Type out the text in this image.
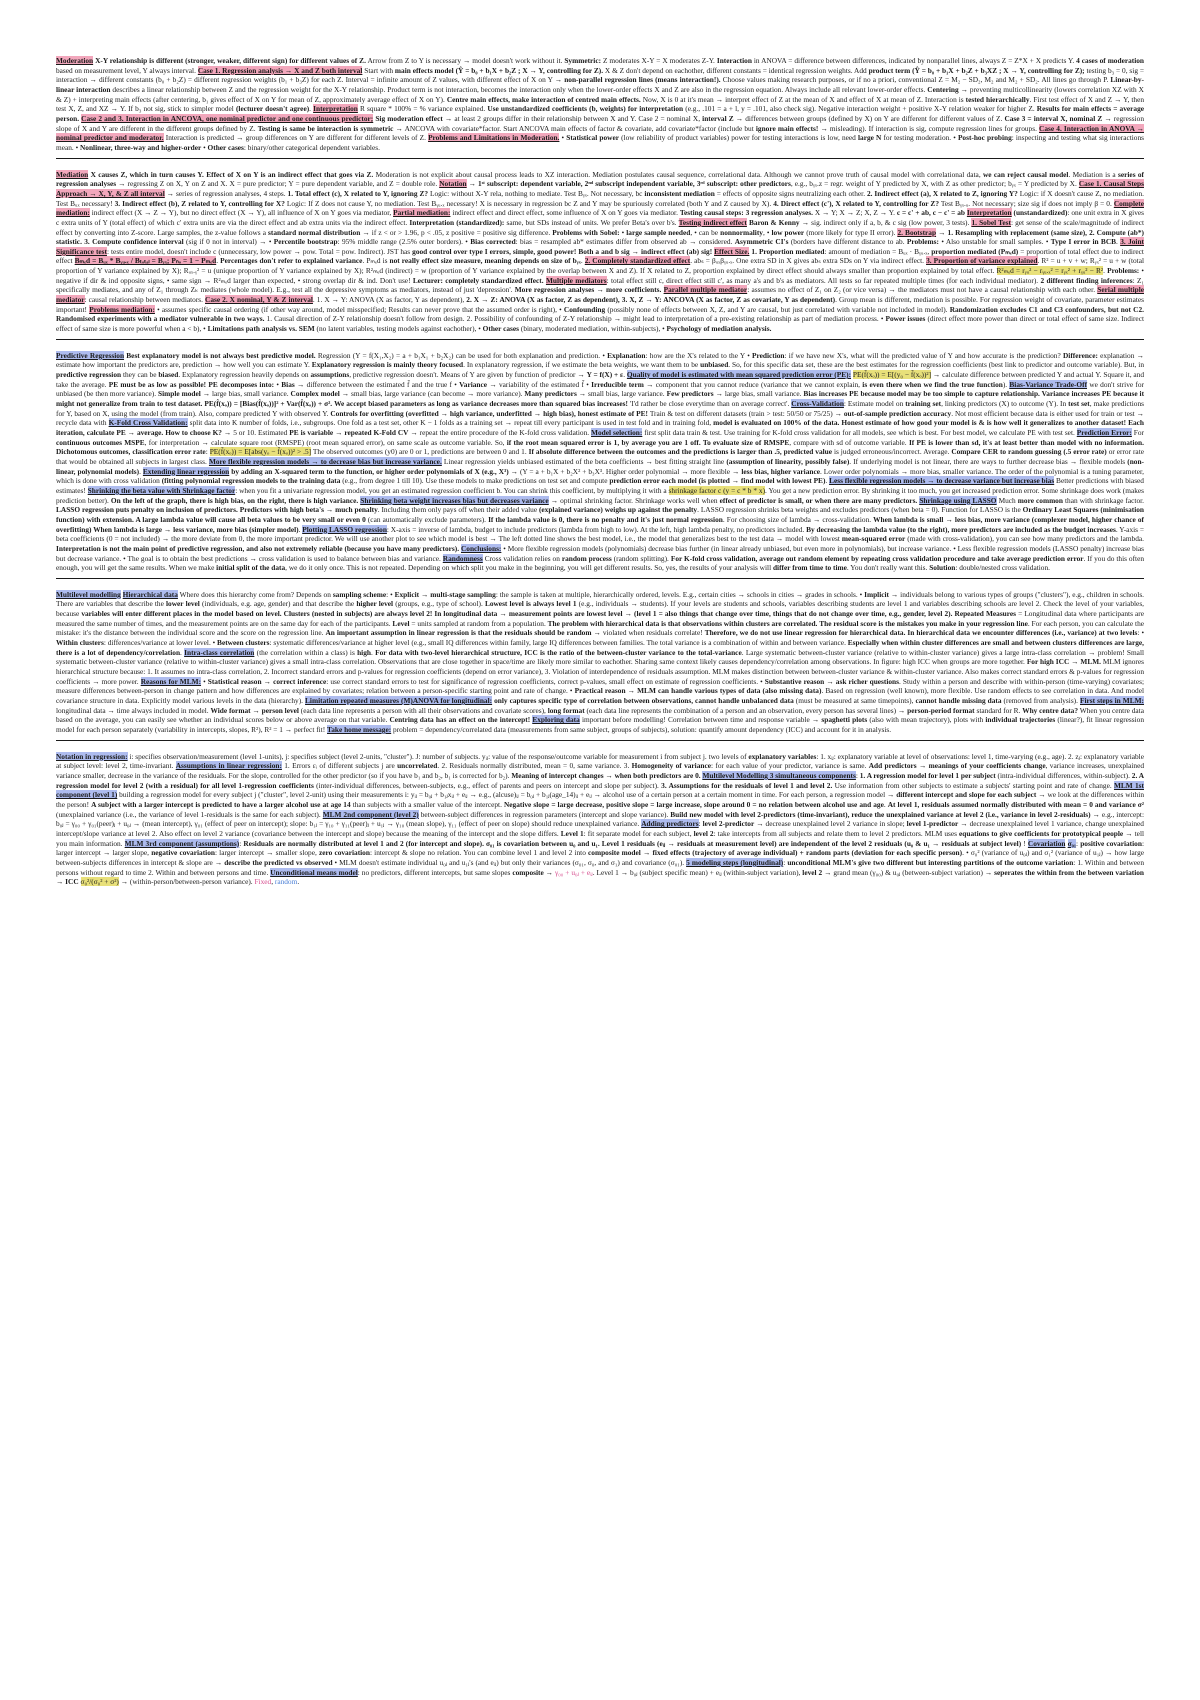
Moderation X-Y relationship is different (stronger, weaker, different sign) for different values of Z. Arrow from Z to Y is necessary → model doesn't work without it. Symmetric: Z moderates X-Y = X moderates Z-Y. Interaction in ANOVA = difference between differences, indicated by nonparallel lines, always Z = Z*X + X predicts Y. 4 cases of moderation based on measurement level, Y always interval. Case 1. Regression analysis → X and Z both interval Start with main effects model (Ŷ = b₀ + b₁X + b₂Z ; X → Y, controlling for Z). X & Z don't depend on eachother, different constants = identical regression weights. Add product term (Ŷ = b₀ + b₁X + b₂Z + b₃XZ ; X → Y, controlling for Z); testing b₃ = 0, sig = interaction → different constants (b₀ + b₂Z) = different regression weights (b₁ + b₃Z) for each Z. Interval = infinite amount of Z values, with different effect of X on Y → non-parallel regression lines (means interaction!). Choose values making research purposes, or if no a priori, conventional Z = M₂ − SD₂, M₂ and M₂ + SD₂. All lines go through P. Linear-by- linear interaction describes a linear relationship between Z and the regression weight for the X-Y relationship. Product term is not interaction, becomes the interaction only when the lower-order effects X and Z are also in the regression equation. Always include all relevant lower-order effects. Centering → preventing multicollinearity (lowers correlation XZ with X & Z) + interpreting main effects (after centering, b₁ gives effect of X on Y for mean of Z, approximately average effect of X on Y). Centre main effects, make interaction of centred main effects. Now, X is 0 at it's mean → interpret effect of Z at the mean of X and effect of X at mean of Z. Interaction is tested hierarchically. First test effect of X and Z → Y, then test X, Z, and XZ → Y. If b₃ not sig, stick to simpler model (lecturer doesn't agree). Interpretation R square * 100% = % variance explained. Use unstandardized coefficients (b, weights) for interpretation (e.g., .101 = a + l, y = .101, also check sig). Negative interaction weight + positive X-Y relation weaker for higher Z. Results for main effects = average person. Case 2 and 3. Interaction in ANCOVA, one nominal predictor and one continuous predictor; Sig moderation effect → at least 2 groups differ in their relationship between X and Y. Case 2 = nominal X, interval Z → differences between groups (defined by X) on Y are different for different values of Z. Case 3 = interval X, nominal Z → regression slope of X and Y are different in the different groups defined by Z. Testing is same be interaction is symmetric → ANCOVA with covariate*factor. Start ANCOVA main effects of factor & covariate, add covariate*factor (include but ignore main effects! → misleading). If interaction is sig, compute regression lines for groups. Case 4. Interaction in ANOVA → nominal predictor and moderator. Interaction is predicted → group differences on Y are different for different levels of Z. Problems and Limitations in Moderation. • Statistical power (low reliability of product variables) power for testing interactions is low, need large N for testing moderation. • Post-hoc probing: inspecting and testing what sig interactions mean. • Nonlinear, three-way and higher-order • Other cases: binary/other categorical dependent variables.
Mediation X causes Z, which in turn causes Y. Effect of X on Y is an indirect effect that goes via Z. Moderation is not explicit about causal process leads to XZ interaction. Mediation postulates causal sequence, correlational data. Although we cannot prove truth of causal model with correlational data, we can reject causal model. Mediation is a series of regression analyses → regressing Z on X, Y on Z and X. X = pure predictor; Y = pure dependent variable, and Z = double role. Notation → 1ˢᵗ subscript: dependent variable, 2ⁿᵈ subscript independent variable, 3ʳᵈ subscript: other predictors, e.g., bᵧₓ.z = regr. weight of Y predicted by X, with Z as other predictor; bᵧₓ = Y predicted by X. Case 1. Causal Steps Approach → X, Y, & Z all interval → series of regression analyses, 4 steps. 1. Total effect (c), X related to Y, ignoring Z? Logic: without X-Y rela, nothing to mediate. Test Bᵧₓ. Not necessary, bc inconsistent mediation = effects of opposite signs neutralizing each other. 2. Indirect effect (a), X related to Z, ignoring Y? Logic: if X doesn't cause Z, no mediation. Test Bᵤₓ necessary! 3. Indirect effect (b), Z related to Y, controlling for X? Logic: If Z does not cause Y, no mediation. Test Bᵧᵤ.ₓ necessary! X is necessary in regression bc Z and Y may be spuriously correlated (both Y and Z caused by X). 4. Direct effect (c'), X related to Y, controlling for Z? Test Bᵧₓ.ᵤ. Not necessary; size sig if does not imply β = 0. Complete mediation: indirect effect (X → Z → Y), but no direct effect (X → Y), all influence of X on Y goes via mediator, Partial mediation: indirect effect and direct effect, some influence of X on Y goes via mediator. Testing causal steps: 3 regression analyses. X → Y; X → Z; X, Z → Y. c = c' + ab, c − c' = ab Interpretation (unstandardized): one unit extra in X gives c extra units of Y (total effect) of which c' extra units are via the direct effect and ab extra units via the indirect effect. Interpretation (standardized): same, but SDs instead of units. We prefer Beta's over b's. Testing indirect effect Baron & Kenny → sig. indirect only if a, b, & c sig (low power, 3 tests). 1. Sobel Test: get sense of the scale/magnitude of indirect effect by converting into Z-score. Large samples, the z-value follows a standard normal distribution → if z < or > 1.96, p < .05, z positive = positive sig difference. Problems with Sobel: • large sample needed, • can be nonnormality, • low power (more likely for type II error). 2. Bootstrap → 1. Resampling with replacement (same size), 2. Compute (ab*) statistic. 3. Compute confidence interval (sig if 0 not in interval) → • Percentile bootstrap: 95% middle range (2.5% outer borders). • Bias corrected: bias = resampled ab* estimates differ from observed ab → considered. Asymmetric CI's (borders have different distance to ab. Problems: • Also unstable for small samples. • Type I error in BCB. 3. Joint Significance test: tests entire model, doesn't include c (unnecessary, low power → pow. Total = pow. Indirect). JST has good control over type I errors, simple, good power! Both a and b sig → indirect effect (ab) sig! Effect Size. 1. Proportion mediated: amount of mediation = Bᵤₓ · Bᵧᵤ.ₓ, proportion mediated (Pₘₑd) = proportion of total effect due to indirect effect Bₘₑd = Bᵤₓ * Bᵧᵤ.ₓ / Bₜₒₜₐₗ = Bᵧₓ; Pₙₒ = 1 − Pₘₑd. Percentages don't refer to explained variance. Pₘₑd is not really effect size measure, meaning depends on size of bᵧₓ. 2. Completely standardized effect. abₛ = βᵤₓβᵧᵤ.ₓ. One extra SD in X gives abₛ extra SDs on Y via indirect effect. 3. Proportion of variance explained. R² = u + v + w; Rᵧₓ² = u + w (total proportion of Y variance explained by X); Rᵤₓ.ᵧ² = u (unique proportion of Y variance explained by X); R²ₘₑd (indirect) = w (proportion of Y variance explained by the overlap between X and Z). If X related to Z, proportion explained by direct effect should always smaller than proportion explained by total effect. R²ₘₑd = rᵧᵤ² − rᵧᵤ.ₓ² = rᵧₓ² + rᵧᵤ² − R². Problems: • negative if dir & ind opposite signs, • same sign → R²ₘₑd larger than expected, • strong overlap dir & ind. Don't use! Lecturer: completely standardized effect. Multiple mediators: total effect still c, direct effect still c', as many a's and b's as mediators. All tests so far repeated multiple times (for each individual mediator). 2 different finding inferences: Z₁ specifically mediates, and any of Z₁ through Zₖ mediates (whole model). E.g., test all the depressive symptoms as mediators, instead of just 'depression'. More regression analyses → more coefficients. Parallel multiple mediator: assumes no effect of Z₁ on Z₂ (or vice versa) → the mediators must not have a causal relationship with each other. Serial multiple mediator: causal relationship between mediators. Case 2. X nominal, Y & Z interval. 1. X → Y: ANOVA (X as factor, Y as dependent), 2. X → Z: ANOVA (X as factor, Z as dependent), 3. X, Z → Y: ANCOVA (X as factor, Z as covariate, Y as dependent). Group mean is different, mediation is possible. For regression weight of covariate, parameter estimates important! Problems mediation: • assumes specific causal ordering (if other way around, model misspecified; Results can never prove that the assumed order is right), • Confounding (possibly none of effects between X, Z, and Y are causal, but just correlated with variable not included in model). Randomization excludes C1 and C3 confounders, but not C2. Randomised experiments with a mediator vulnerable in two ways. 1. Causal direction of Z-Y relationship doesn't follow from design. 2. Possibility of confounding of Z-Y relationship → might lead to interpretation of a pre-existing relationship as part of mediation process. • Power issues (direct effect more power than direct or total effect of same size. Indirect effect of same size is more powerful when a < b), • Limitations path analysis vs. SEM (no latent variables, testing models against eachother), • Other cases (binary, moderated mediation, within-subjects), • Psychology of mediation analysis.
Predictive Regression Best explanatory model is not always best predictive model. Regression (Y = f(X₁,X₂) = a + b₁X₁ + b₂X₂) can be used for both explanation and prediction. • Explanation: how are the X's related to the Y • Prediction: if we have new X's, what will the predicted value of Y and how accurate is the prediction? Difference: explanation → estimate how important the predictors are, prediction → how well you can estimate Y. Explanatory regression is mainly theory focused. In explanatory regression, if we estimate the beta weights, we want them to be unbiased. So, for this specific data set, these are the best estimates for the regression coefficients (best link to predictor and outcome variable). But, in predictive regression they can be biased. Explanatory regression heavily depends on assumptions, predictive regression doesn't. Means of Y are given by function of predictor → Y = f(X) + ε. Quality of model is estimated with mean squared prediction error (PE): PE(f̂(xₒ)) = E[(y₀ − f̂(xₒ))²] → calculate difference between predicted Y and actual Y. Square it, and take the average. PE must be as low as possible! PE decomposes into: • Bias → difference between the estimated f̂ and the true f • Variance → variability of the estimated f̂ • Irreducible term → component that you cannot reduce (variance that we cannot explain, is even there when we find the true function). Bias-Variance Trade-Off we don't strive for unbiased (be then more variance). Simple model → large bias, small variance. Complex model → small bias, large variance (can become → more variance). Many predictors → small bias, large variance. Few predictors → large bias, small variance. Bias increases PE because model may be too simple to capture relationship. Variance increases PE because it might not generalize from train to test dataset. PE(f̂(xₒ)) = [Bias(f̂(xₒ))]² + Var(f̂(xₒ)) + σ². We accept biased parameters as long as variance decreases more than squared bias increases! 'I'd rather be close everytime than on average correct'. Cross-Validation: Estimate model on training set, linking predictors (X) to outcome (Y). In test set, make predictions for Y, based on X, using the model (from train). Also, compare predicted Y with observed Y. Controls for overfitting (overfitted → high variance, underfitted → high bias), honest estimate of PE! Train & test on different datasets (train > test: 50/50 or 75/25) → out-of-sample prediction accuracy. Not most efficient because data is either used for train or test → recycle data with K-Fold Cross Validation: split data into K number of folds, i.e., subgroups. One fold as a test set, other K − 1 folds as a training set → repeat till every participant is used in test fold and in training fold, model is evaluated on 100% of the data. Honest estimate of how good your model is & is how well it generalizes to another dataset! Each iteration, calculate PE → average. How to choose K? → 5 or 10. Estimated PE is variable → repeated K-Fold CV → repeat the entire procedure of the K-fold cross validation. Model selection: first split data train & test. Use training for K-fold cross validation for all models, see which is best. For best model, we calculate PE with test set. Prediction Error: For continuous outcomes MSPE, for interpretation → calculate square root (RMSPE) (root mean squared error), on same scale as outcome variable. So, if the root mean squared error is 1, by average you are 1 off. To evaluate size of RMSPE, compare with sd of outcome variable. If PE is lower than sd, it's at least better than model with no information. Dichotomous outcomes, classification error rate: PE(f̂(xₒ)) = E[abs(yₒ − f̂(xₒ))² > .5] The observed outcomes (y0) are 0 or 1, predictions are between 0 and 1. If absolute difference between the outcomes and the predictions is larger than .5, predicted value is judged erroneous/incorrect. Average. Compare CER to random guessing (.5 error rate) or error rate that would be obtained all subjects in largest class. More flexible regression models → to decrease bias but increase variance. Linear regression yields unbiased estimated of the beta coefficients → best fitting straight line (assumption of linearity, possibly false). If underlying model is not linear, there are ways to further decrease bias → flexible models (non-linear, polynomial models). Extending linear regression by adding an X-squared term to the function, or higher order polynomials of X (e.g., X³) → (Y = a + b₁X + b₂X² + b₃X³. Higher order polynomial → more flexible → less bias, higher variance. Lower order polynomials → more bias, smaller variance. The order of the polynomial is a tuning parameter, which is done with cross validation (fitting polynomial regression models to the training data (e.g., from degree 1 till 10). Use these models to make predictions on test set and compute prediction error each model (is plotted → find model with lowest PE). Less flexible regression models → to decrease variance but increase bias Better predictions with biased estimates! Shrinking the beta value with Shrinkage factor: when you fit a univariate regression model, you get an estimated regression coefficient b. You can shrink this coefficient, by multiplying it with a shrinkage factor c (y = c * b * x). You get a new prediction error. By shrinking it too much, you get increased prediction error. Some shrinkage does work (makes prediction better). On the left of the graph, there is high bias, on the right, there is high variance. Shrinking beta weight increases bias but decreases variance → optimal shrinking factor. Shrinkage works well when effect of predictor is small, or when there are many predictors. Shrinkage using LASSO Much more common than with shrinkage factor. LASSO regression puts penalty on inclusion of predictors. Predictors with high beta's → much penalty. Including them only pays off when their added value (explained variance) weighs up against the penalty. LASSO regression shrinks beta weights and excludes predictors (when beta = 0). Function for LASSO is the Ordinary Least Squares (minimisation function) with extension. A large lambda value will cause all beta values to be very small or even 0 (can automatically exclude parameters). If the lambda value is 0, there is no penalty and it's just normal regression. For choosing size of lambda → cross-validation. When lambda is small → less bias, more variance (complexer model, higher chance of overfitting) When lambda is large → less variance, more bias (simpler model). Plotting LASSO regression: X-axis = inverse of lambda, budget to include predictors (lambda from high to low). At the left, high lambda penalty, no predictors included. By decreasing the lambda value (to the right), more predictors are included as the budget increases. Y-axis = beta coefficients (0 = not included) → the more deviate from 0, the more important predictor. We will use another plot to see which model is best → The left dotted line shows the best model, i.e., the model that generalizes best to the test data → model with lowest mean-squared error (made with cross-validation), you can see how many predictors and the lambda. Interpretation is not the main point of predictive regression, and also not extremely reliable (because you have many predictors). Conclusions: • More flexible regression models (polynomials) decrease bias further (in linear already unbiased, but even more in polynomials), but increase variance. • Less flexible regression models (LASSO penalty) increase bias but decrease variance. • The goal is to obtain the best predictions → cross validation is used to balance between bias and variance. Randomness Cross validation relies on random process (random splitting). For K-fold cross validation, average out random element by repeating cross validation procedure and take average prediction error. If you do this often enough, you will get the same results. When we make initial split of the data, we do it only once. This is not repeated. Depending on which split you make in the beginning, you will get different results. So, yes, the results of your analysis will differ from time to time. You don't really want this. Solution: double/nested cross validation.
Multilevel modelling Hierarchical data Where does this hierarchy come from? Depends on sampling scheme: • Explicit → multi-stage sampling: the sample is taken at multiple, hierarchically ordered, levels. E.g., certain cities → schools in cities → grades in schools. • Implicit → individuals belong to various types of groups ("clusters"), e.g., children in schools. There are variables that describe the lower level (individuals, e.g. age, gender) and that describe the higher level (groups, e.g., type of school). Lowest level is always level 1 (e.g., individuals → students). If your levels are students and schools, variables describing students are level 1 and variables describing schools are level 2. Check the level of your variables, because variables will enter different places in the model based on level. Clusters (nested in subjects) are always level 2! In longitudinal data → measurement points are lowest level → (level 1 = also things that change over time, things that do not change over time, e.g., gender, level 2). Repeated Measures = Longitudinal data where participants are measured the same number of times, and the measurement points are on the same day for each of the participants. Level = units sampled at random from a population. The problem with hierarchical data is that observations within clusters are correlated. The residual score is the mistakes you make in your regression line. For each person, you can calculate the mistake: it's the distance between the individual score and the score on the regression line. An important assumption in linear regression is that the residuals should be random → violated when residuals correlate! Therefore, we do not use linear regression for hierarchical data. In hierarchical data we encounter differences (i.e., variance) at two levels: • Within clusters: differences/variance at lower level. • Between clusters: systematic differences/variance at higher level (e.g., small IQ differences within family, large IQ differences between families. The total variance is a combination of within and between variance. Especially when within cluster differences are small and between clusters differences are large, there is a lot of dependency/correlation. Intra-class correlation (the correlation within a class) is high. For data with two-level hierarchical structure, ICC is the ratio of the between-cluster variance to the total-variance. Large systematic between-cluster variance (relative to within-cluster variance) gives a large intra-class correlation → problem! Small systematic between-cluster variance (relative to within-cluster variance) gives a small intra-class correlation. Observations that are close together in space/time are likely more similar to eachother. Sharing same context likely causes dependency/correlation among observations. In figure: high ICC when groups are more together. For high ICC → MLM. MLM ignores hierarchical structure because: 1. It assumes no intra-class correlation, 2. Incorrect standard errors and p-values for regression coefficients (depend on error variance), 3. Violation of interdependence of residuals assumption. MLM makes distinction between between-cluster variance & within-cluster variance. Also makes correct standard errors & p-values for regression coefficients → more power. Reasons for MLM: • Statistical reason → correct inference: use correct standard errors to test for significance of regression coefficients, correct p-values, small effect on estimate of regression coefficients. • Substantive reason → ask richer questions. Study within a person and describe with within-person (time-varying) covariates; measure differences between-person in change pattern and how differences are explained by covariates; relation between a person-specific starting point and rate of change. • Practical reason → MLM can handle various types of data (also missing data). Based on regression (well known), more flexible. Use random effects to see correlation in data. And model covariance structure in data. Explicitly model various levels in the data (hierarchy). Limitation repeated measures (M)ANOVA for longitudinal: only captures specific type of correlation between observations, cannot handle unbalanced data (must be measured at same timepoints), cannot handle missing data (removed from analysis). First steps in MLM: longitudinal data → time always included in model. Wide format → person level (each data line represents a person with all their observations and covariate scores), long format (each data line represents the combination of a person and an observation, every person has several lines) → person-period format standard for R. Why centre data? When you centre data based on the average, you can easily see whether an individual scores below or above average on that variable. Centring data has an effect on the intercept! Exploring data important before modelling! Correlation between time and response variable → spaghetti plots (also with mean trajectory), plots with individual trajectories (linear?), fit linear regression model for each person separately (variability in intercepts, slopes, R²), R² = 1 → perfect fit! Take home message: problem = dependency/correlated data (measurements from same subject, groups of subjects), solution: quantify amount dependency (ICC) and account for it in analysis.
Notation in regression: i: specifies observation/measurement (level 1-units), j: specifies subject (level 2-units, "cluster"). J: number of subjects. yᵢⱼ: value of the response/outcome variable for measurement i from subject j. two levels of explanatory variables: 1. xᵢⱼ: explanatory variable at level of observations: level 1, time-varying (e.g., age). 2. zⱼ: explanatory variable at subject level: level 2, time-invariant. Assumptions in linear regression: 1. Errors εᵢ of different subjects j are uncorrelated. 2. Residuals normally distributed, mean = 0, same variance. 3. Homogeneity of variance: for each value of your predictor, variance is same. Add predictors → meanings of your coefficients change, variance increases, unexplained variance smaller, decrease in the variance of the residuals. For the slope, controlled for the other predictor (so if you have b₁ and b₂, b₁ is corrected for b₂). Meaning of intercept changes → when both predictors are 0. Multilevel Modelling 3 simultaneous components: 1. A regression model for level 1 per subject (intra-individual differences, within-subject). 2. A regression model for level 2 (with a residual) for all level 1-regression coefficients (inter-individual differences, between-subjects, e.g., effect of parents and peers on intercept and slope per subject). 3. Assumptions for the residuals of level 1 and level 2. Use information from other subjects to estimate a subjects' starting point and rate of change. MLM 1st component (level 1) building a regression model for every subject j ("cluster", level 2-unit) using their measurements i: yᵢⱼ = b₀ⱼ + b₁ⱼxᵢⱼ + eᵢⱼ → e.g., (alcuse)ᵢⱼ = b₀ⱼ + b₁ⱼ(age_14)ᵢⱼ + eᵢⱼ → alcohol use of a certain person at a certain moment in time. For each person, a regression model → different intercept and slope for each subject → we look at the differences within the person! A subject with a larger intercept is predicted to have a larger alcohol use at age 14 than subjects with a smaller value of the intercept. Negative slope = large decrease, positive slope = large increase, slope around 0 = no relation between alcohol use and age. At level 1, residuals assumed normally distributed with mean = 0 and variance σ² (unexplained variance (i.e., the variance of level 1-residuals is the same for each subject). MLM 2nd component (level 2) between-subject differences in regression parameters (intercept and slope variance). Build new model with level 2-predictors (time-invariant), reduce the unexplained variance at level 2 (i.e., variance in level 2-residuals) → e.g., intercept: b₀ⱼ = γ₀₀ + γ₀₁(peer)ⱼ + u₀ⱼ → (mean intercept), γ₀₁ (effect of peer on intercept); slope: b₁ⱼ = γ₁₀ + γ₁₁(peer)ⱼ + u₁ⱼ → γ₁₀ (mean slope), γ₁₁ (effect of peer on slope) should reduce unexplained variance. Adding predictors: level 2-predictor → decrease unexplained level 2 variance in slope; level 1-predictor → decrease unexplained level 1 variance, change unexplained intercept/slope variance at level 2. Also effect on level 2 variance (covariance between the intercept and slope) because the meaning of the intercept and the slope differs. Level 1: fit separate model for each subject, level 2: take intercepts from all subjects and relate them to level 2 predictors. MLM uses equations to give coefficients for prototypical people → tell you main information. MLM 3rd component (assumptions): Residuals are normally distributed at level 1 and 2 (for intercept and slope). σ₀₁ is covariation between u₀ and u₁. Level 1 residuals (eᵢⱼ → residuals at measurement level) are independent of the level 2 residuals (u₀ & u₁ → residuals at subject level) ! Covariation σ₀₁: positive covariation: larger intercept → larger slope, negative covariation: larger intercept → smaller slope, zero covariation: intercept & slope no relation. You can combine level 1 and level 2 into composite model → fixed effects (trajectory of average individual) + random parts (deviation for each specific person). • σ₀² (variance of u₀ⱼ) and σ₁² (variance of u₁ⱼ) → how large between-subjects differences in intercept & slope are → describe the predicted vs observed • MLM doesn't estimate individual u₀ⱼ and u₁ⱼ's (and eᵢⱼ) but only their variances (σ₀₁, σ₀, and σ₁) and covariance (σ₀₁). 5 modeling steps (longitudinal): unconditional MLM's give two different but interesting partitions of the outcome variation: 1. Within and between persons without regard to time 2. Within and between persons and time. Unconditional means model: no predictors, different intercepts, but same slopes composite → γ₀₀ + u₀ⱼ + eᵢⱼ. Level 1 → b₀ⱼ (subject specific mean) + eᵢⱼ (within-subject variation), level 2 → grand mean (γ₀₀) & u₀ⱼ (between-subject variation) → seperates the within from the between variation → ICC σ₀²/(σ₀² + σ²) → (within-person/between-person variance). Fixed, random.
